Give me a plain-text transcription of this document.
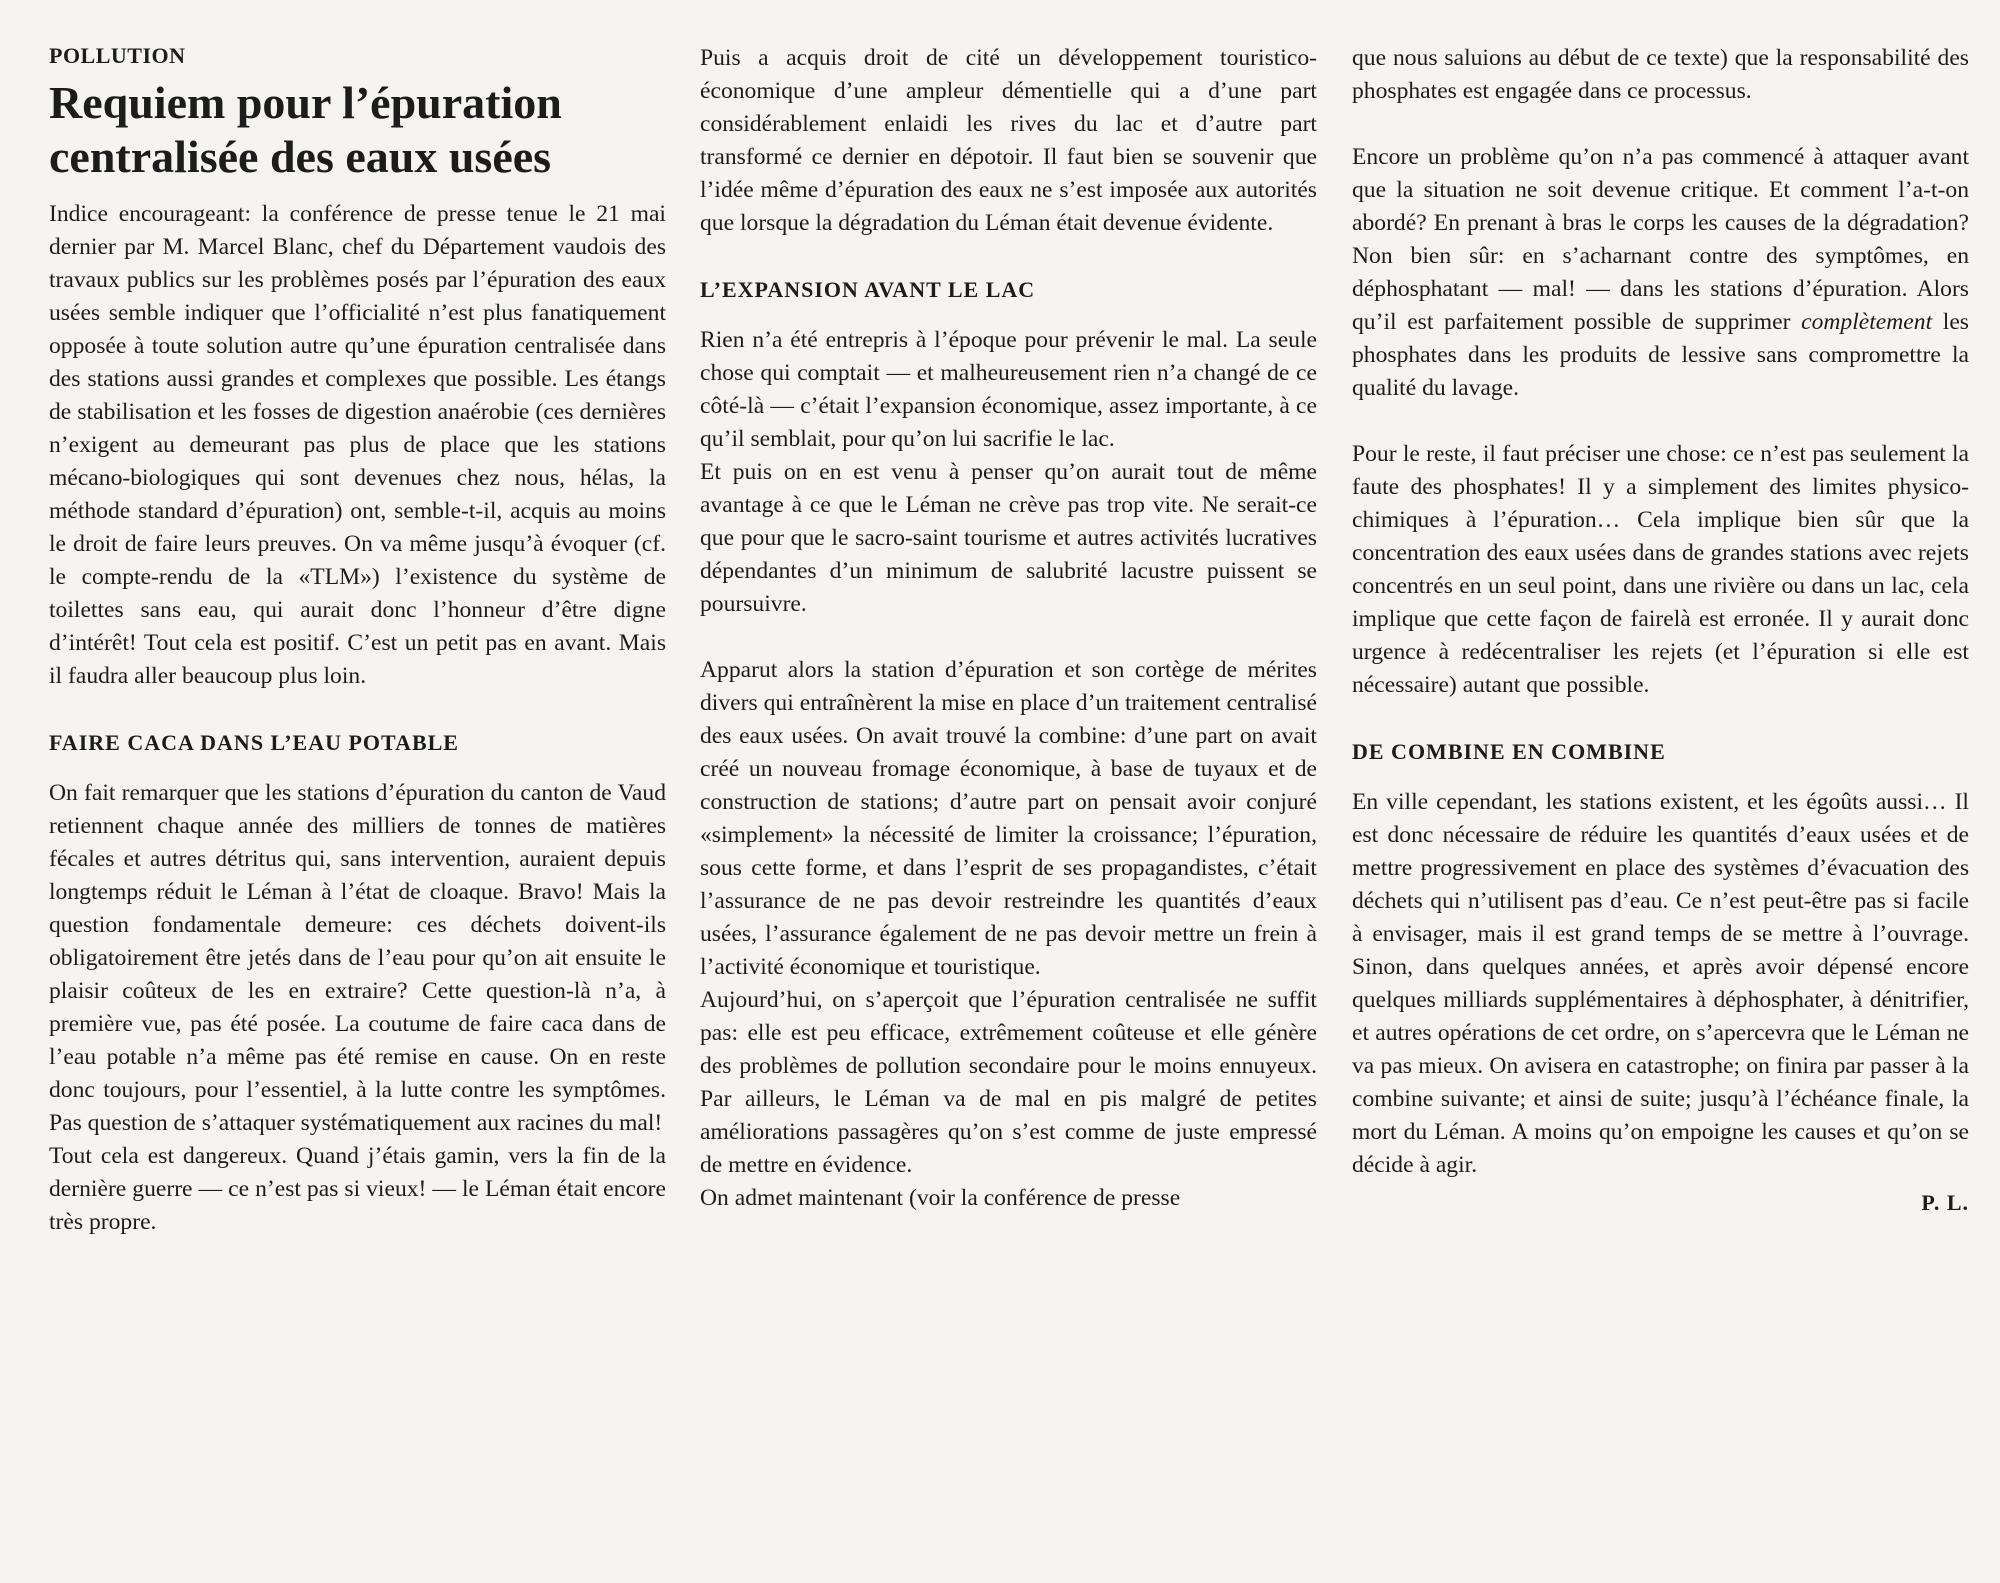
POLLUTION
Requiem pour l’épuration
centralisée des eaux usées

Indice encourageant: la conférence de presse tenue le 21 mai dernier par M. Marcel Blanc, chef du Département vaudois des travaux publics sur les problèmes posés par l’épuration des eaux usées semble indiquer que l’officialité n’est plus fanatiquement opposée à toute solution autre qu’une épuration centralisée dans des stations aussi grandes et complexes que possible. Les étangs de stabilisation et les fosses de digestion anaérobie (ces dernières n’exigent au demeurant pas plus de place que les stations mécano-biologiques qui sont devenues chez nous, hélas, la méthode standard d’épuration) ont, semble-t-il, acquis au moins le droit de faire leurs preuves. On va même jusqu’à évoquer (cf. le compte-rendu de la «TLM») l’existence du système de toilettes sans eau, qui aurait donc l’honneur d’être digne d’intérêt! Tout cela est positif. C’est un petit pas en avant. Mais il faudra aller beaucoup plus loin.

FAIRE CACA DANS L’EAU POTABLE

On fait remarquer que les stations d’épuration du canton de Vaud retiennent chaque année des milliers de tonnes de matières fécales et autres détritus qui, sans intervention, auraient depuis longtemps réduit le Léman à l’état de cloaque. Bravo! Mais la question fondamentale demeure: ces déchets doivent-ils obligatoirement être jetés dans de l’eau pour qu’on ait ensuite le plaisir coûteux de les en extraire? Cette question-là n’a, à première vue, pas été posée. La coutume de faire caca dans de l’eau potable n’a même pas été remise en cause. On en reste donc toujours, pour l’essentiel, à la lutte contre les symptômes. Pas question de s’attaquer systématiquement aux racines du mal!

Tout cela est dangereux. Quand j’étais gamin, vers la fin de la dernière guerre — ce n’est pas si vieux! — le Léman était encore très propre.

Puis a acquis droit de cité un développement touristico-économique d’une ampleur démentielle qui a d’une part considérablement enlaidi les rives du lac et d’autre part transformé ce dernier en dépotoir. Il faut bien se souvenir que l’idée même d’épuration des eaux ne s’est imposée aux autorités que lorsque la dégradation du Léman était devenue évidente.

L’EXPANSION AVANT LE LAC

Rien n’a été entrepris à l’époque pour prévenir le mal. La seule chose qui comptait — et malheureusement rien n’a changé de ce côté-là — c’était l’expansion économique, assez importante, à ce qu’il semblait, pour qu’on lui sacrifie le lac.

Et puis on en est venu à penser qu’on aurait tout de même avantage à ce que le Léman ne crève pas trop vite. Ne serait-ce que pour que le sacro-saint tourisme et autres activités lucratives dépendantes d’un minimum de salubrité lacustre puissent se poursuivre.

Apparut alors la station d’épuration et son cortège de mérites divers qui entraînèrent la mise en place d’un traitement centralisé des eaux usées. On avait trouvé la combine: d’une part on avait créé un nouveau fromage économique, à base de tuyaux et de construction de stations; d’autre part on pensait avoir conjuré «simplement» la nécessité de limiter la croissance; l’épuration, sous cette forme, et dans l’esprit de ses propagandistes, c’était l’assurance de ne pas devoir restreindre les quantités d’eaux usées, l’assurance également de ne pas devoir mettre un frein à l’activité économique et touristique.

Aujourd’hui, on s’aperçoit que l’épuration centralisée ne suffit pas: elle est peu efficace, extrêmement coûteuse et elle génère des problèmes de pollution secondaire pour le moins ennuyeux. Par ailleurs, le Léman va de mal en pis malgré de petites améliorations passagères qu’on s’est comme de juste empressé de mettre en évidence.

On admet maintenant (voir la conférence de presse

que nous saluions au début de ce texte) que la responsabilité des phosphates est engagée dans ce processus.

Encore un problème qu’on n’a pas commencé à attaquer avant que la situation ne soit devenue critique. Et comment l’a-t-on abordé? En prenant à bras le corps les causes de la dégradation? Non bien sûr: en s’acharnant contre des symptômes, en déphosphatant — mal! — dans les stations d’épuration. Alors qu’il est parfaitement possible de supprimer complètement les phosphates dans les produits de lessive sans compromettre la qualité du lavage.

Pour le reste, il faut préciser une chose: ce n’est pas seulement la faute des phosphates! Il y a simplement des limites physico-chimiques à l’épuration… Cela implique bien sûr que la concentration des eaux usées dans de grandes stations avec rejets concentrés en un seul point, dans une rivière ou dans un lac, cela implique que cette façon de fairelà est erronée. Il y aurait donc urgence à redécentraliser les rejets (et l’épuration si elle est nécessaire) autant que possible.

DE COMBINE EN COMBINE

En ville cependant, les stations existent, et les égoûts aussi… Il est donc nécessaire de réduire les quantités d’eaux usées et de mettre progressivement en place des systèmes d’évacuation des déchets qui n’utilisent pas d’eau. Ce n’est peut-être pas si facile à envisager, mais il est grand temps de se mettre à l’ouvrage. Sinon, dans quelques années, et après avoir dépensé encore quelques milliards supplémentaires à déphosphater, à dénitrifier, et autres opérations de cet ordre, on s’apercevra que le Léman ne va pas mieux. On avisera en catastrophe; on finira par passer à la combine suivante; et ainsi de suite; jusqu’à l’échéance finale, la mort du Léman. A moins qu’on empoigne les causes et qu’on se décide à agir.

P. L.
